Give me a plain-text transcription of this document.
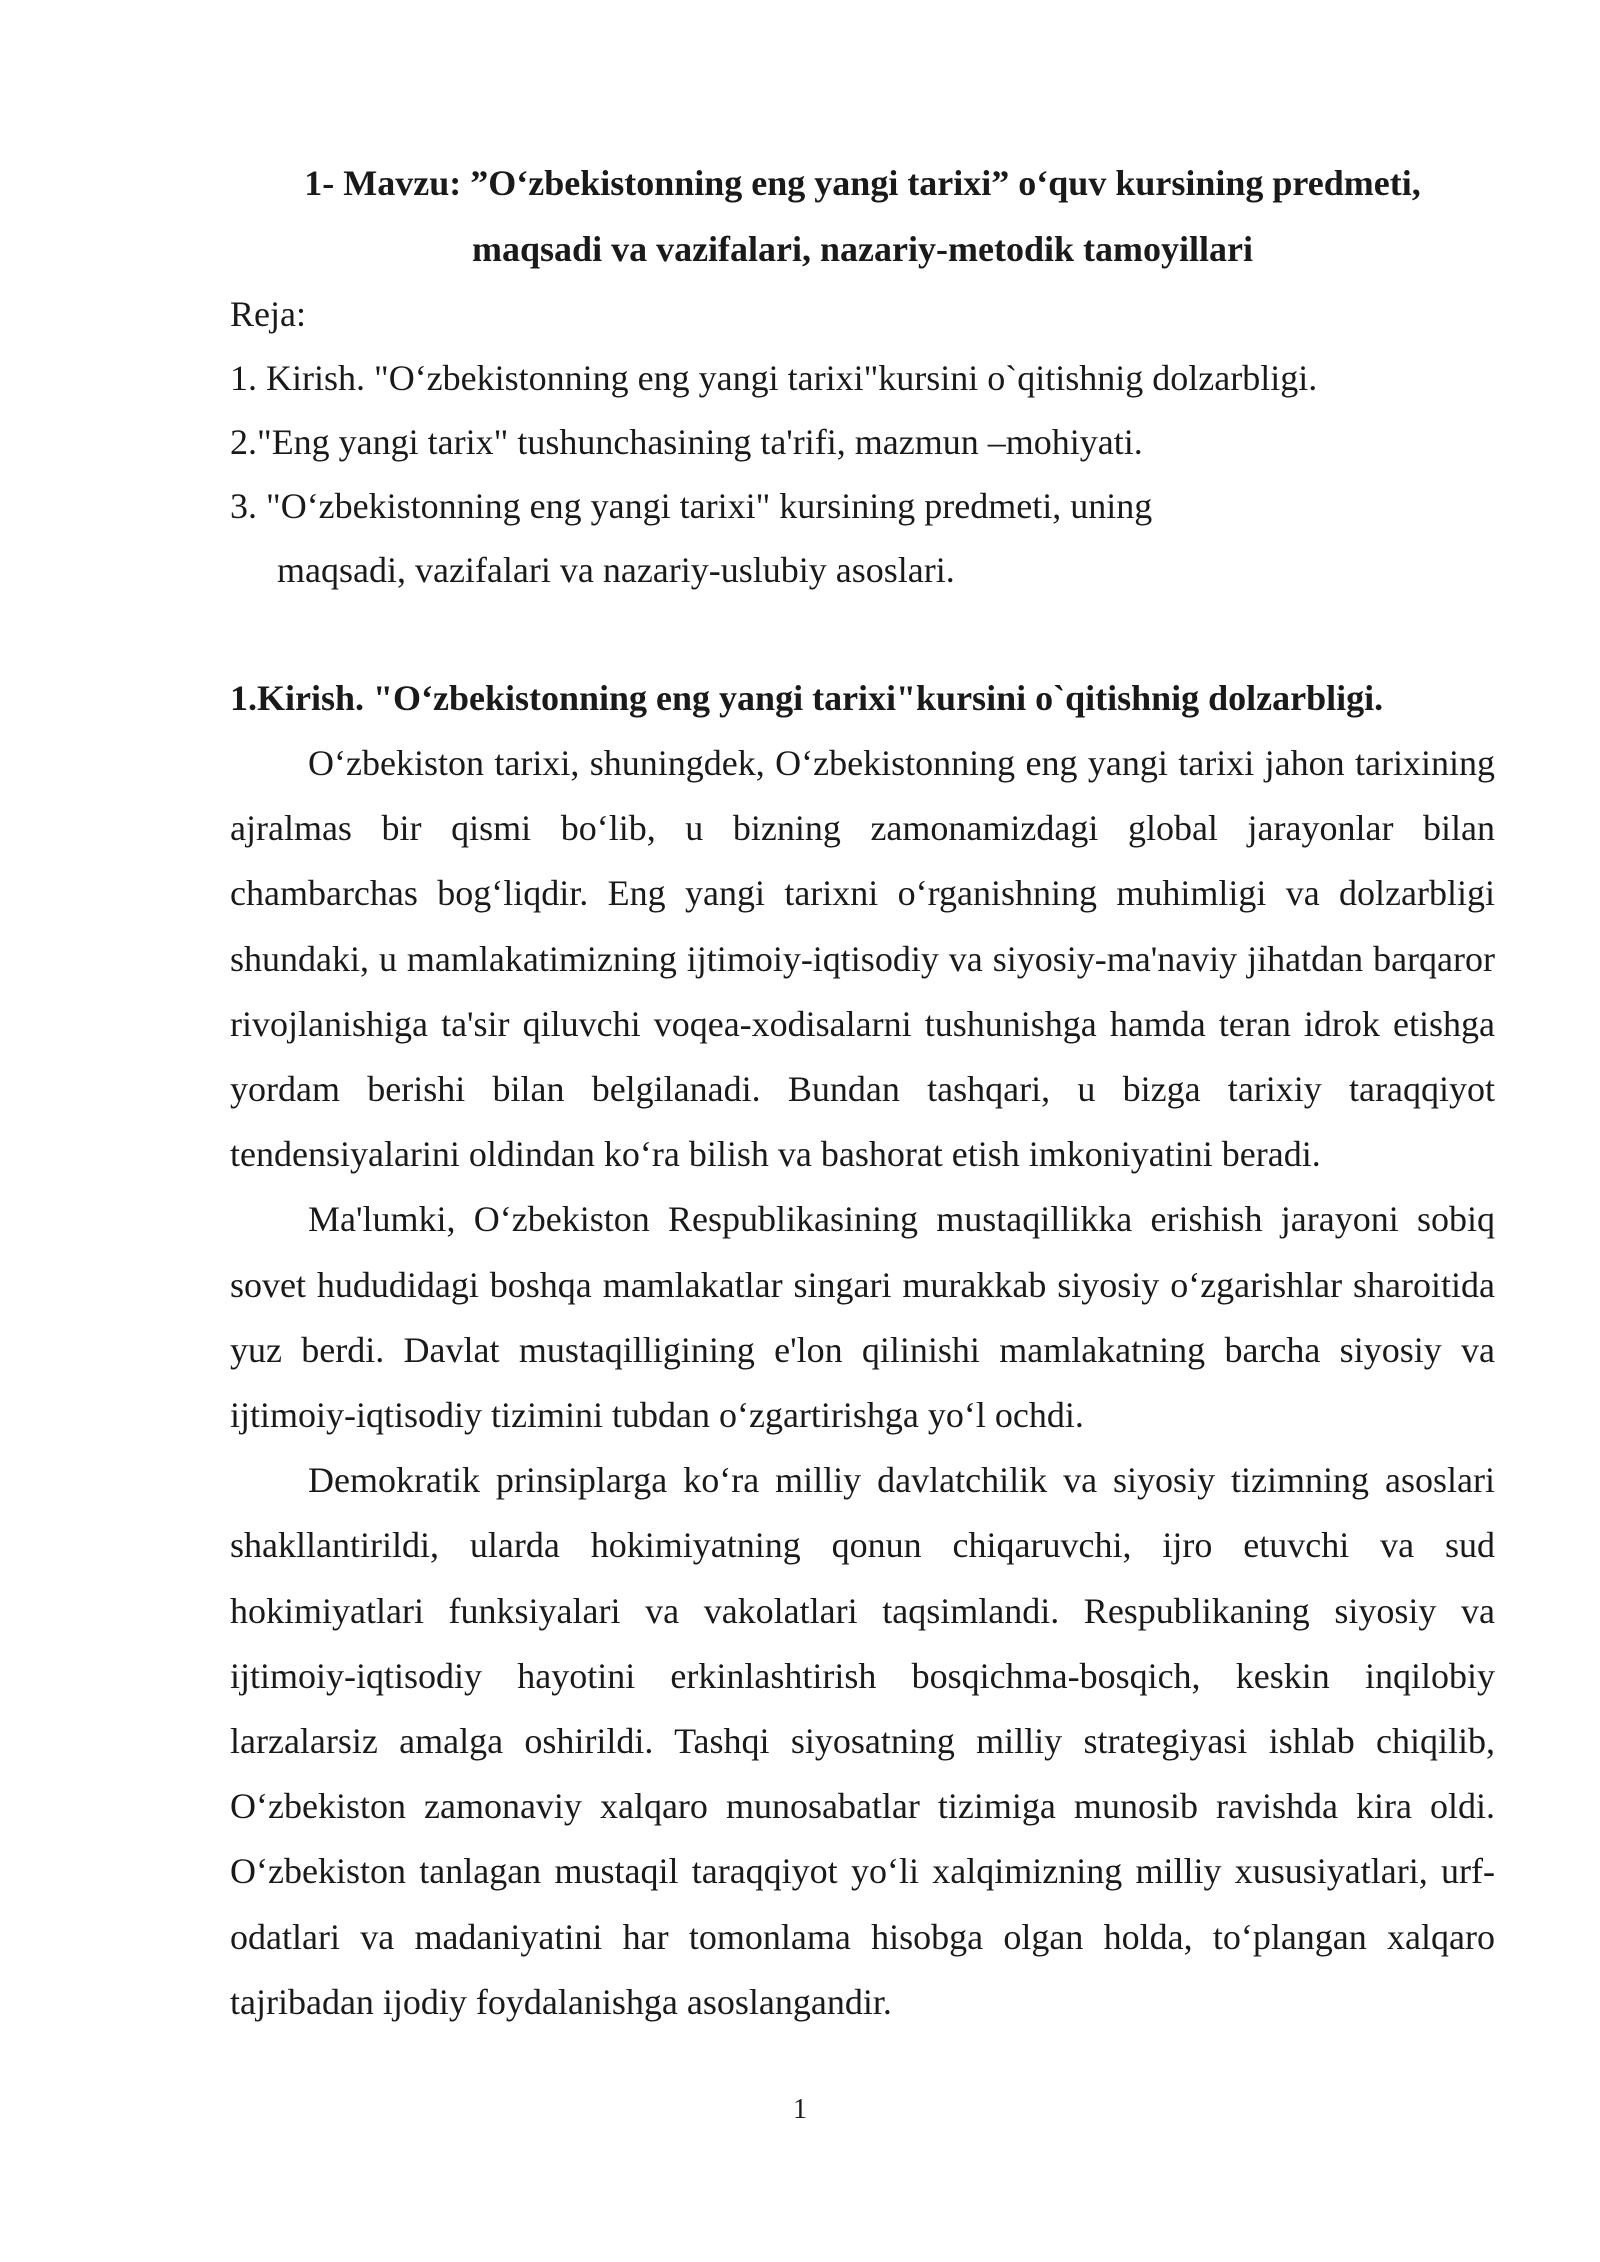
1- Mavzu: ”O‘zbekistonning eng yangi tarixi” o‘quv kursining predmeti,
maqsadi va vazifalari, nazariy-metodik tamoyillari

Reja:

1. Kirish. "O‘zbekistonning eng yangi tarixi"kursini o`qitishnig dolzarbligi.
2."Eng yangi tarix" tushunchasining ta'rifi, mazmun –mohiyati.
3. "O‘zbekistonning eng yangi tarixi" kursining predmeti, uning
maqsadi, vazifalari va nazariy-uslubiy asoslari.
1.Kirish. "O‘zbekistonning eng yangi tarixi"kursini o`qitishnig dolzarbligi.

O‘zbekiston tarixi, shuningdek, O‘zbekistonning eng yangi tarixi jahon tarixining ajralmas bir qismi bo‘lib, u bizning zamonamizdagi global jarayonlar bilan chambarchas bog‘liqdir. Eng yangi tarixni o‘rganishning muhimligi va dolzarbligi shundaki, u mamlakatimizning ijtimoiy-iqtisodiy va siyosiy-ma'naviy jihatdan barqaror rivojlanishiga ta'sir qiluvchi voqea-xodisalarni tushunishga hamda teran idrok etishga yordam berishi bilan belgilanadi. Bundan tashqari, u bizga tarixiy taraqqiyot tendensiyalarini oldindan ko‘ra bilish va bashorat etish imkoniyatini beradi.

Ma'lumki, O‘zbekiston Respublikasining mustaqillikka erishish jarayoni sobiq sovet hududidagi boshqa mamlakatlar singari murakkab siyosiy o‘zgarishlar sharoitida yuz berdi. Davlat mustaqilligining e'lon qilinishi mamlakatning barcha siyosiy va ijtimoiy-iqtisodiy tizimini tubdan o‘zgartirishga yo‘l ochdi.

Demokratik prinsiplarga ko‘ra milliy davlatchilik va siyosiy tizimning asoslari shakllantirildi, ularda hokimiyatning qonun chiqaruvchi, ijro etuvchi va sud hokimiyatlari funksiyalari va vakolatlari taqsimlandi. Respublikaning siyosiy va ijtimoiy-iqtisodiy hayotini erkinlashtirish bosqichma-bosqich, keskin inqilobiy larzalarsiz amalga oshirildi. Tashqi siyosatning milliy strategiyasi ishlab chiqilib, O‘zbekiston zamonaviy xalqaro munosabatlar tizimiga munosib ravishda kira oldi. O‘zbekiston tanlagan mustaqil taraqqiyot yo‘li xalqimizning milliy xususiyatlari, urf-odatlari va madaniyatini har tomonlama hisobga olgan holda, to‘plangan xalqaro tajribadan ijodiy foydalanishga asoslangandir.

1
